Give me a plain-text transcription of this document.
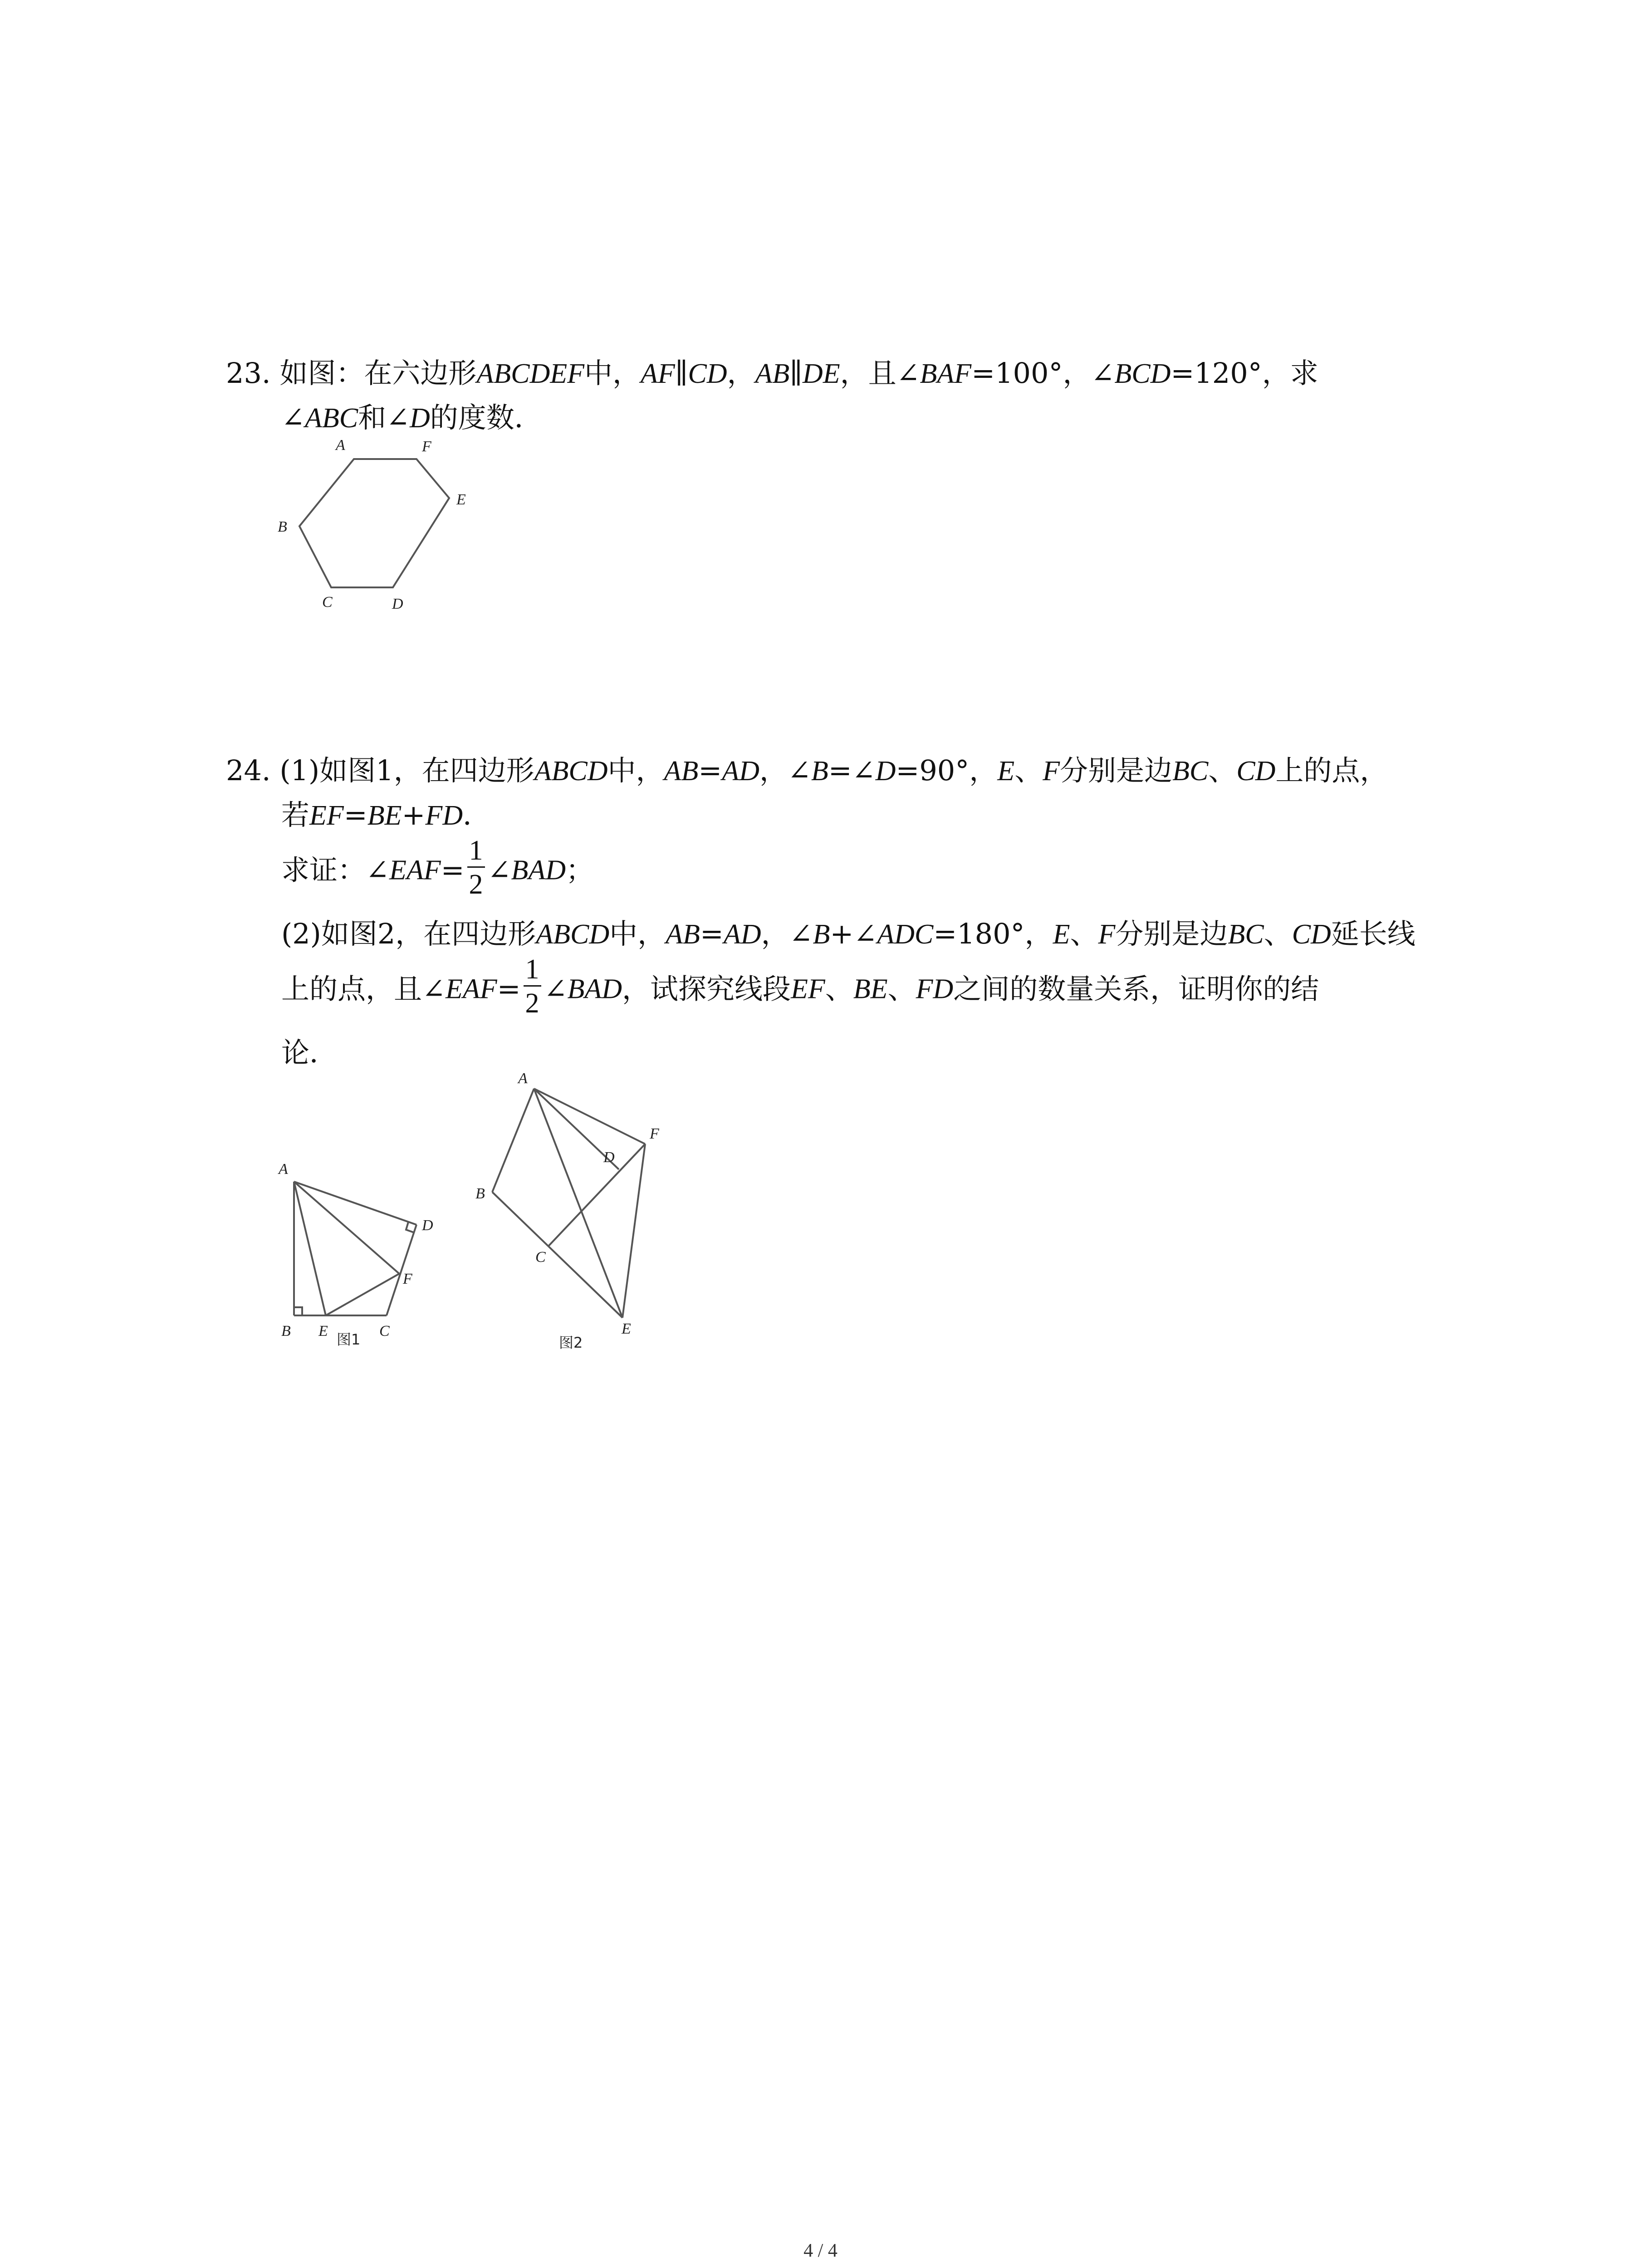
23. 如图：在六边形ABCDEF中，AF∥CD，AB∥DE，且∠BAF=100°，∠BCD=120°，求

∠ABC和∠D的度数．

A	F
E
B
C	D

24. (1)如图1，在四边形ABCD中，AB=AD，∠B=∠D=90°，E、F分别是边BC、CD上的点，

若EF=BE+FD．

求证：∠EAF= $\frac{1}{2}$ ∠BAD；

(2)如图2，在四边形ABCD中，AB=AD，∠B+∠ADC=180°，E、F分别是边BC、CD延长线

上的点，且∠EAF= $\frac{1}{2}$ ∠BAD，试探究线段EF、BE、FD之间的数量关系，证明你的结

论．

A
D
F
B E	C
图1
A
F
D
B
C
E
图2
4 / 4
